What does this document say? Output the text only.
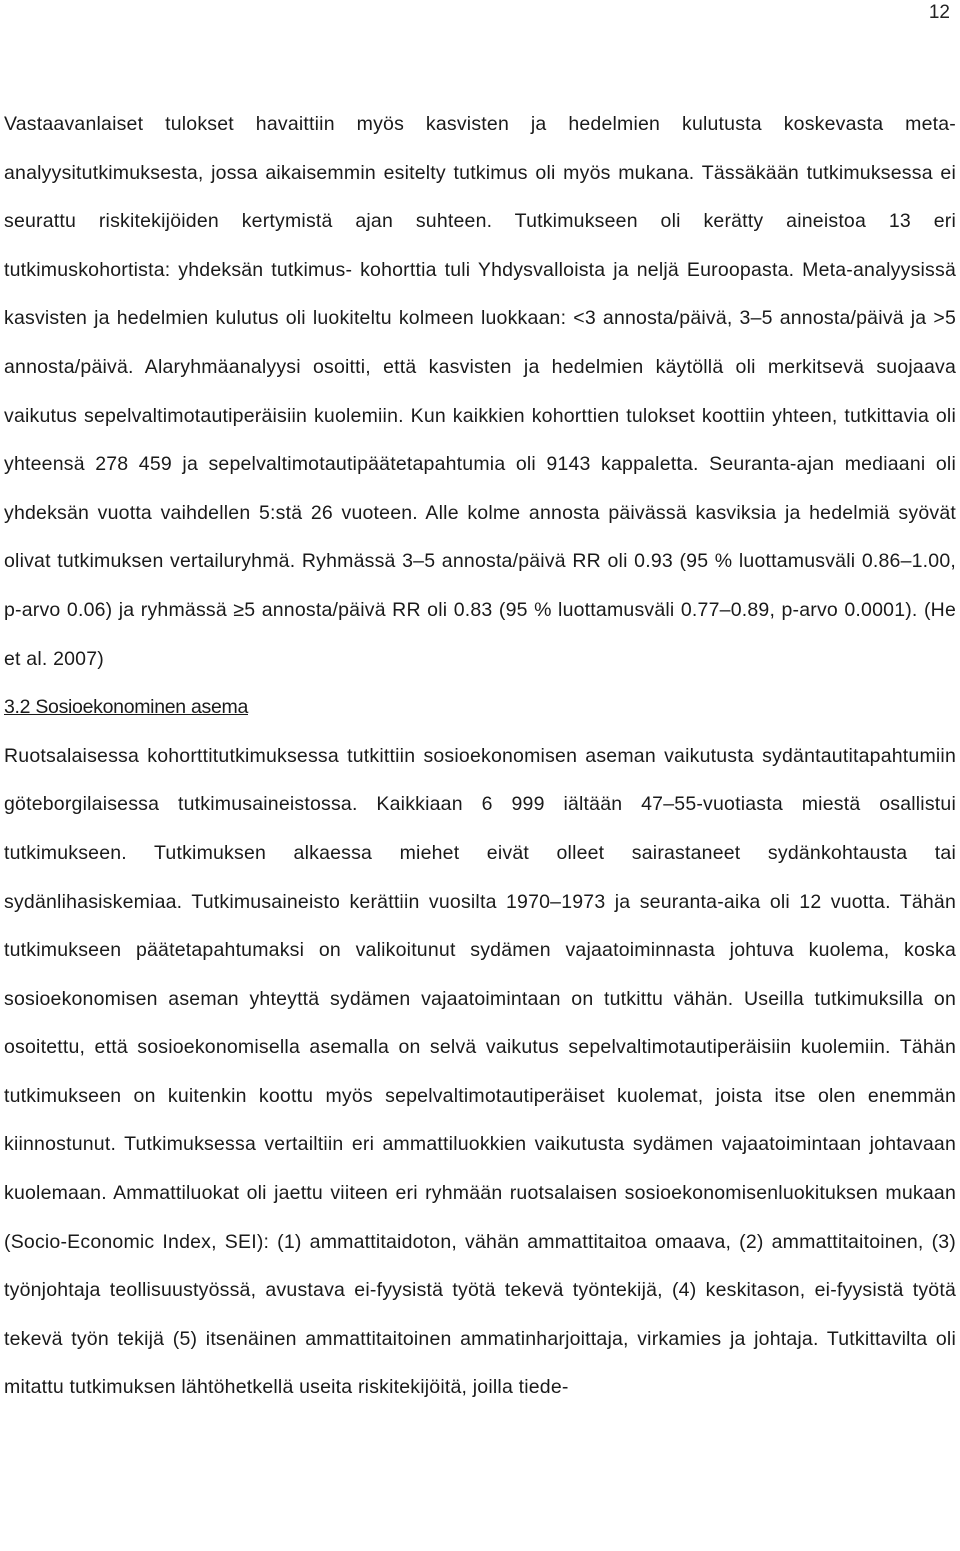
12

Vastaavanlaiset tulokset havaittiin myös kasvisten ja hedelmien kulutusta koskevasta meta-analyysitutkimuksesta, jossa aikaisemmin esitelty tutkimus oli myös mukana. Tässäkään tutkimuksessa ei seurattu riskitekijöiden kertymistä ajan suhteen. Tutkimukseen oli kerätty aineistoa 13 eri tutkimuskohortista: yhdeksän tutkimus- kohorttia tuli Yhdysvalloista ja neljä Euroopasta. Meta-analyysissä kasvisten ja hedelmien kulutus oli luokiteltu kolmeen luokkaan: <3 annosta/päivä, 3–5 annosta/päivä ja >5 annosta/päivä. Alaryhmäanalyysi osoitti, että kasvisten ja hedelmien käytöllä oli merkitsevä suojaava vaikutus sepelvaltimotautiperäisiin kuolemiin. Kun kaikkien kohorttien tulokset koottiin yhteen, tutkittavia oli yhteensä 278 459 ja sepelvaltimotautipäätetapahtumia oli 9143 kappaletta. Seuranta-ajan mediaani oli yhdeksän vuotta vaihdellen 5:stä 26 vuoteen. Alle kolme annosta päivässä kasviksia ja hedelmiä syövät olivat tutkimuksen vertailuryhmä. Ryhmässä 3–5 annosta/päivä RR oli 0.93 (95 % luottamusväli 0.86–1.00, p-arvo 0.06) ja ryhmässä ≥5 annosta/päivä RR oli 0.83 (95 % luottamusväli 0.77–0.89, p-arvo 0.0001). (He et al. 2007)

3.2 Sosioekonominen asema

Ruotsalaisessa kohorttitutkimuksessa tutkittiin sosioekonomisen aseman vaikutusta sydäntautitapahtumiin göteborgilaisessa tutkimusaineistossa. Kaikkiaan 6 999 iältään 47–55-vuotiasta miestä osallistui tutkimukseen. Tutkimuksen alkaessa miehet eivät olleet sairastaneet sydänkohtausta tai sydänlihasiskemiaa. Tutkimusaineisto kerättiin vuosilta 1970–1973 ja seuranta-aika oli 12 vuotta. Tähän tutkimukseen päätetapahtumaksi on valikoitunut sydämen vajaatoiminnasta johtuva kuolema, koska sosioekonomisen aseman yhteyttä sydämen vajaatoimintaan on tutkittu vähän. Useilla tutkimuksilla on osoitettu, että sosioekonomisella asemalla on selvä vaikutus sepelvaltimotautiperäisiin kuolemiin. Tähän tutkimukseen on kuitenkin koottu myös sepelvaltimotautiperäiset kuolemat, joista itse olen enemmän kiinnostunut. Tutkimuksessa vertailtiin eri ammattiluokkien vaikutusta sydämen vajaatoimintaan johtavaan kuolemaan. Ammattiluokat oli jaettu viiteen eri ryhmään ruotsalaisen sosioekonomisenluokituksen mukaan (Socio-Economic Index, SEI): (1) ammattitaidoton, vähän ammattitaitoa omaava, (2) ammattitaitoinen, (3) työnjohtaja teollisuustyössä, avustava ei-fyysistä työtä tekevä työntekijä, (4) keskitason, ei-fyysistä työtä tekevä työn tekijä (5) itsenäinen ammattitaitoinen ammatinharjoittaja, virkamies ja johtaja. Tutkittavilta oli mitattu tutkimuksen lähtöhetkellä useita riskitekijöitä, joilla tiede-
